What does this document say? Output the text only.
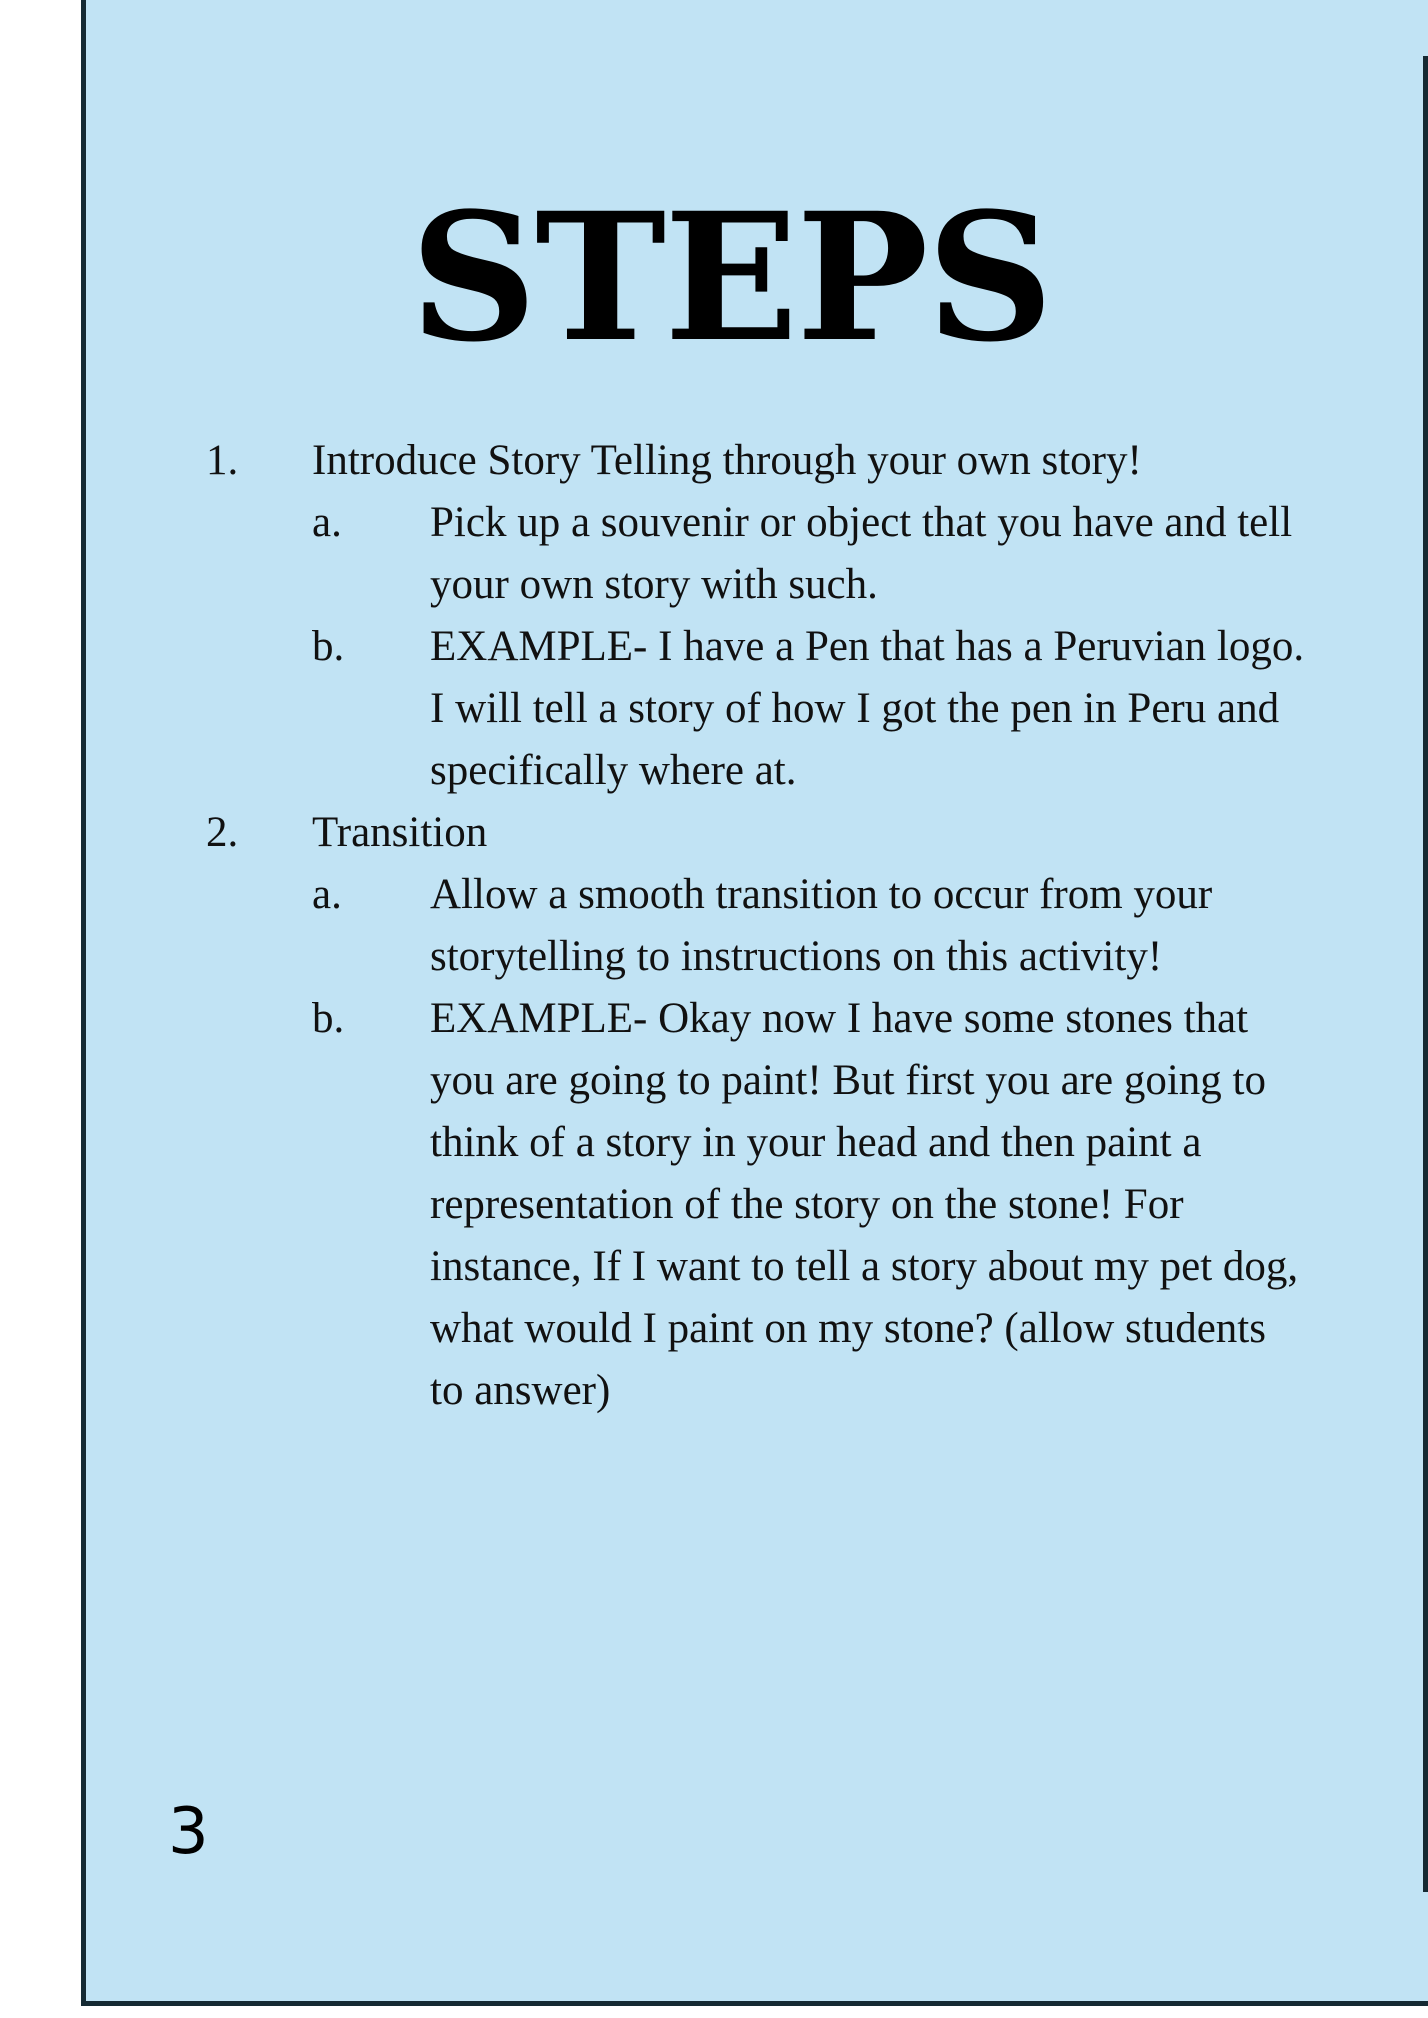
STEPS
1. Introduce Story Telling through your own story!
a. Pick up a souvenir or object that you have and tell your own story with such.
b. EXAMPLE- I have a Pen that has a Peruvian logo. I will tell a story of how I got the pen in Peru and specifically where at.
2. Transition
a. Allow a smooth transition to occur from your storytelling to instructions on this activity!
b. EXAMPLE- Okay now I have some stones that you are going to paint! But first you are going to think of a story in your head and then paint a representation of the story on the stone! For instance, If I want to tell a story about my pet dog, what would I paint on my stone? (allow students to answer)
3
